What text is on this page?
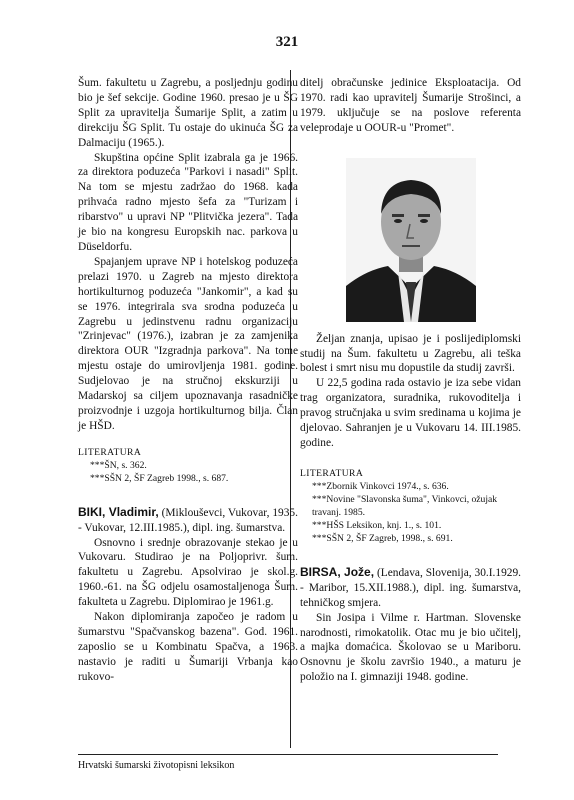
321

Šum. fakultetu u Zagrebu, a posljednju godinu bio je šef sekcije. Godine 1960. presao je u ŠG Split za upravitelja Šumarije Split, a zatim u direkciju ŠG Split. Tu ostaje do ukinuća ŠG za Dalmaciju (1965.).

Skupština općine Split izabrala ga je 1966. za direktora poduzeća "Parkovi i nasadi" Split. Na tom se mjestu zadržao do 1968. kada prihvaća radno mjesto šefa za "Turizam i ribarstvo" u upravi NP "Plitvička jezera". Tada je bio na kongresu Europskih nac. parkova u Düseldorfu.

Spajanjem uprave NP i hotelskog poduzeća prelazi 1970. u Zagreb na mjesto direktora hortikulturnog poduzeća "Jankomir", a kad su se 1976. integrirala sva srodna poduzeća u Zagrebu u jedinstvenu radnu organizaciju "Zrinjevac" (1976.), izabran je za zamjenika direktora OUR "Izgradnja parkova". Na tome mjestu ostaje do umirovljenja 1981. godine. Sudjelovao je na stručnoj ekskurziji u Madarskoj sa ciljem upoznavanja rasadničke proizvodnje i uzgoja hortikulturnog bilja. Član je HŠD.

LITERATURA
***ŠN, s. 362.
***SŠN 2, ŠF Zagreb 1998., s. 687.

BIKI, Vladimir, (Miklouševci, Vukovar, 1935. - Vukovar, 12.III.1985.), dipl. ing. šumarstva.

Osnovno i srednje obrazovanje stekao je u Vukovaru. Studirao je na Poljoprivr. šum. fakultetu u Zagrebu. Apsolvirao je skol.g. 1960.-61. na ŠG odjelu osamostaljenoga Šum. fakulteta u Zagrebu. Diplomirao je 1961.g.

Nakon diplomiranja započeo je radom u šumarstvu "Spačvanskog bazena". God. 1961. zaposlio se u Kombinatu Spačva, a 1963. nastavio je raditi u Šumariji Vrbanja kao rukovo-

ditelj obračunske jedinice Eksploatacija. Od 1970. radi kao upravitelj Šumarije Strošinci, a 1979. uključuje se na poslove referenta veleprodaje u OOUR-u "Promet".

Željan znanja, upisao je i poslijediplomski studij na Šum. fakultetu u Zagrebu, ali teška bolest i smrt nisu mu dopustile da studij završi.

U 22,5 godina rada ostavio je iza sebe vidan trag organizatora, suradnika, rukovoditelja i pravog stručnjaka u svim sredinama u kojima je djelovao. Sahranjen je u Vukovaru 14. III.1985. godine.

LITERATURA
***Zbornik Vinkovci 1974., s. 636.
***Novine "Slavonska šuma", Vinkovci, ožujak travanj. 1985.
***HŠS Leksikon, knj. 1., s. 101.
***SŠN 2, ŠF Zagreb, 1998., s. 691.

BIRSA, Jože, (Lendava, Slovenija, 30.I.1929. - Maribor, 15.XII.1988.), dipl. ing. šumarstva, tehničkog smjera.

Sin Josipa i Vilme r. Hartman. Slovenske narodnosti, rimokatolik. Otac mu je bio učitelj, a majka domaćica. Školovao se u Mariboru. Osnovnu je školu završio 1940., a maturu je položio na I. gimnaziji 1948. godine.

Hrvatski šumarski životopisni leksikon
